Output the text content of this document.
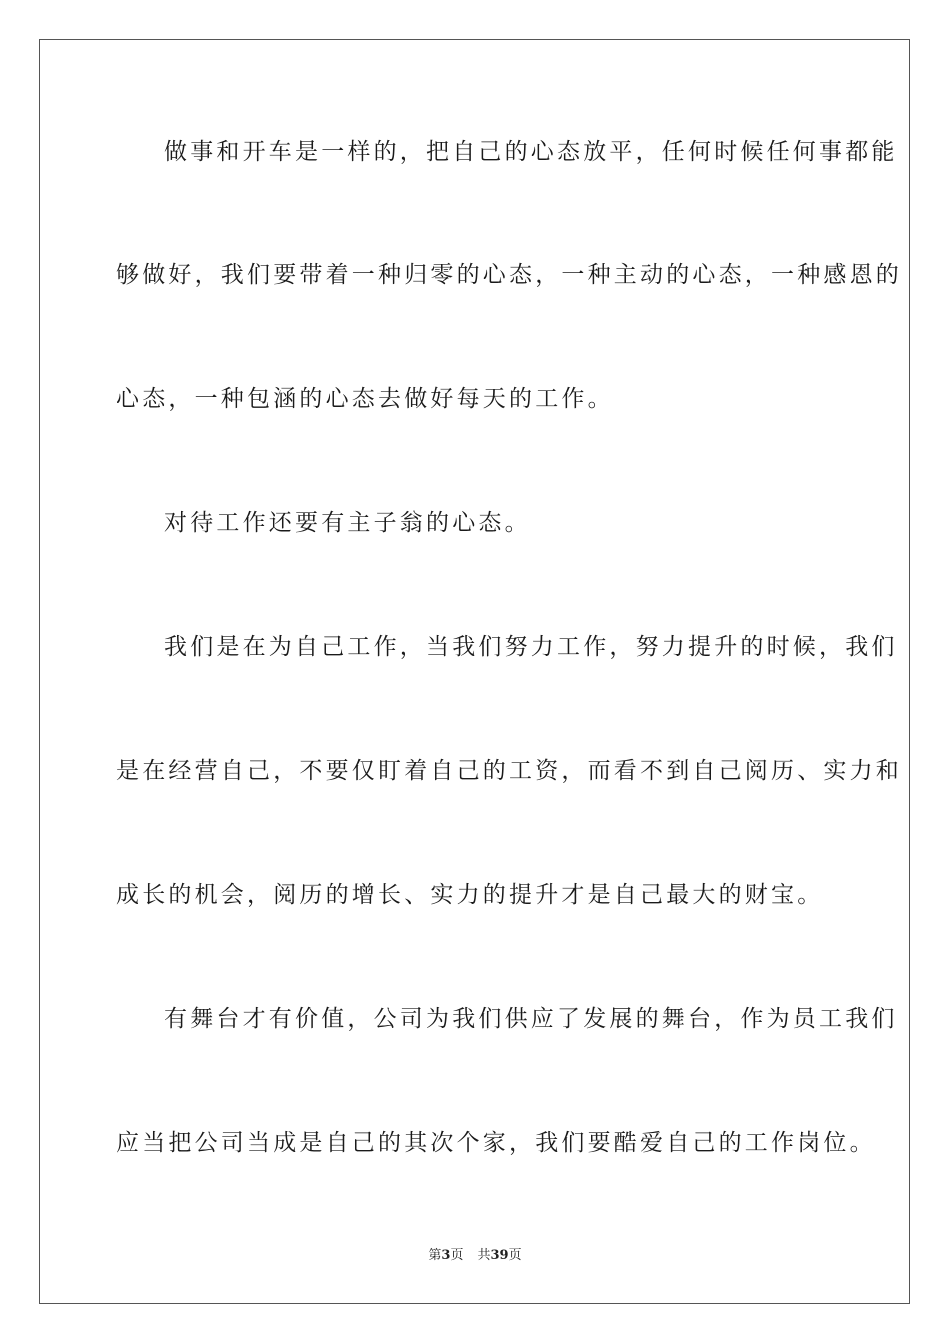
做事和开车是一样的，把自己的心态放平，任何时候任何事都能
够做好，我们要带着一种归零的心态，一种主动的心态，一种感恩的
心态，一种包涵的心态去做好每天的工作。
对待工作还要有主子翁的心态。
我们是在为自己工作，当我们努力工作，努力提升的时候，我们
是在经营自己，不要仅盯着自己的工资，而看不到自己阅历、实力和
成长的机会，阅历的增长、实力的提升才是自己最大的财宝。
有舞台才有价值，公司为我们供应了发展的舞台，作为员工我们
应当把公司当成是自己的其次个家，我们要酷爱自己的工作岗位。
第3页 共39页
